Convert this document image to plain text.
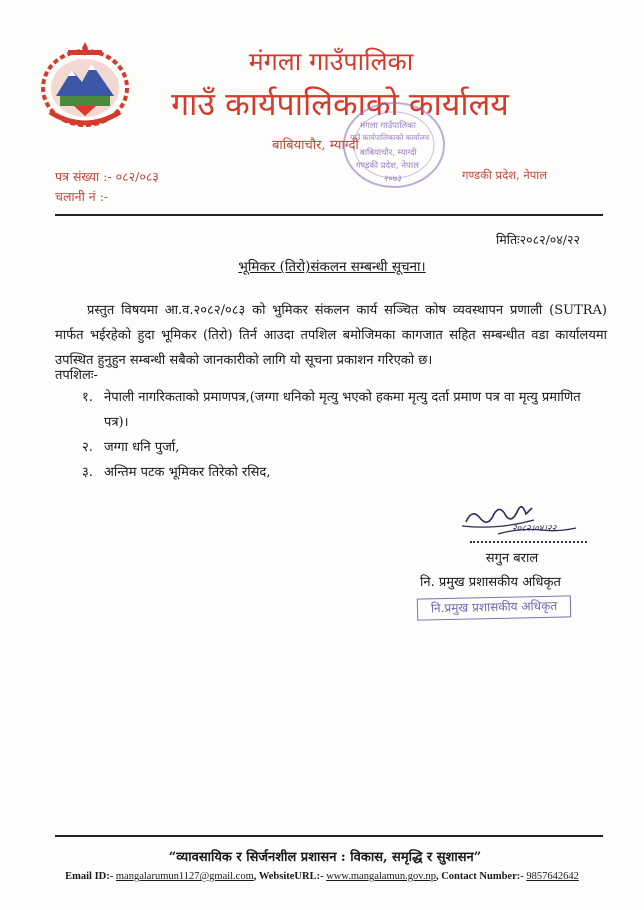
मंगला गाउँपालिका
गाउँ कार्यपालिकाको कार्यालय
बाबियाचौर, म्याग्दी
मंगला गाउँपालिका
गाउँ कार्यपालिकाको कार्यालय
बाबियाचौर, म्याग्दी
गण्डकी प्रदेश, नेपाल
२०७३
पत्र संख्या :- ०८२/०८३
चलानी नं :-
गण्डकी प्रदेश, नेपाल
मितिः२०८२/०४/२२
भूमिकर (तिरो)संकलन सम्बन्धी सूचना।

प्रस्तुत विषयमा आ.व.२०८२/०८३ को भुमिकर संकलन कार्य सञ्चित कोष व्यवस्थापन प्रणाली (SUTRA) मार्फत भईरहेको हुदा भूमिकर (तिरो) तिर्न आउदा तपशिल बमोजिमका कागजात सहित सम्बन्धीत वडा कार्यालयमा उपस्थित हुनुहुन सम्बन्धी सबैको जानकारीको लागि यो सूचना प्रकाशन गरिएको छ।

तपशिलः-
१. नेपाली नागरिकताको प्रमाणपत्र,(जग्गा धनिको मृत्यु भएको हकमा मृत्यु दर्ता प्रमाण पत्र वा मृत्यु प्रमाणित पत्र)।
२. जग्गा धनि पुर्जा,
३. अन्तिम पटक भूमिकर तिरेको रसिद,
२०८२।०४।२२
सगुन बराल
नि. प्रमुख प्रशासकीय अधिकृत
नि.प्रमुख प्रशासकीय अधिकृत
“व्यावसायिक र सिर्जनशील प्रशासन : विकास, समृद्धि र सुशासन”
Email ID:- mangalarumun1127@gmail.com, WebsiteURL:- www.mangalamun.gov.np, Contact Number:- 9857642642
